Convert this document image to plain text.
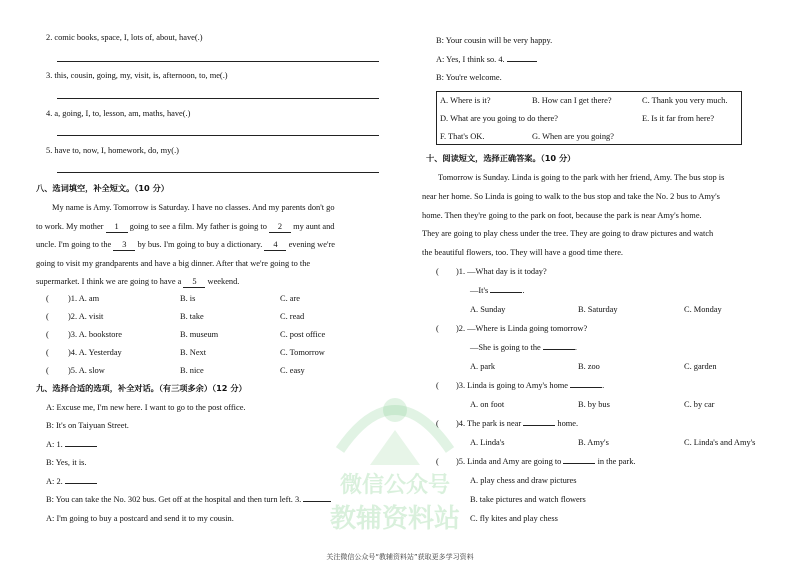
2. comic books, space, I, lots of, about, have(.)
3. this, cousin, going, my, visit, is, afternoon, to, me(.)
4. a, going, I, to, lesson, am, maths, have(.)
5. have to, now, I, homework, do, my(.)
八、选词填空，补全短文。（10 分）
My name is Amy. Tomorrow is Saturday. I have no classes. And my parents don't go
to work. My mother 1 going to see a film. My father is going to 2 my aunt and
uncle. I'm going to the 3 by bus. I'm going to buy a dictionary. 4 evening we're
going to visit my grandparents and have a big dinner. After that we're going to the
supermarket. I think we are going to have a 5 weekend.
( )1. A. am	B. is	C. are
( )2. A. visit	B. take	C. read
( )3. A. bookstore	B. museum	C. post office
( )4. A. Yesterday	B. Next	C. Tomorrow
( )5. A. slow	B. nice	C. easy
九、选择合适的选项，补全对话。（有三项多余）（12 分）
A: Excuse me, I'm new here. I want to go to the post office.
B: It's on Taiyuan Street.
A: 1.
B: Yes, it is.
A: 2.
B: You can take the No. 302 bus. Get off at the hospital and then turn left. 3.
A: I'm going to buy a postcard and send it to my cousin.
B: Your cousin will be very happy.
A: Yes, I think so. 4.
B: You're welcome.
A. Where is it?	B. How can I get there?	C. Thank you very much.
D. What are you going to do there?	E. Is it far from here?
F. That's OK.	G. When are you going?
十、阅读短文，选择正确答案。（10 分）
Tomorrow is Sunday. Linda is going to the park with her friend, Amy. The bus stop is
near her home. So Linda is going to walk to the bus stop and take the No. 2 bus to Amy's
home. Then they're going to the park on foot, because the park is near Amy's home.
They are going to play chess under the tree. They are going to draw pictures and watch
the beautiful flowers, too. They will have a good time there.
( )1. —What day is it today?
—It's	.
A. Sunday	B. Saturday	C. Monday
( )2. —Where is Linda going tomorrow?
—She is going to the	.
A. park	B. zoo	C. garden
( )3. Linda is going to Amy's home	.
A. on foot	B. by bus	C. by car
( )4. The park is near	home.
A. Linda's	B. Amy's	C. Linda's and Amy's
( )5. Linda and Amy are going to	in the park.
A. play chess and draw pictures
B. take pictures and watch flowers
C. fly kites and play chess
微信公众号
教辅资料站
关注微信公众号“教辅资料站”获取更多学习资料
